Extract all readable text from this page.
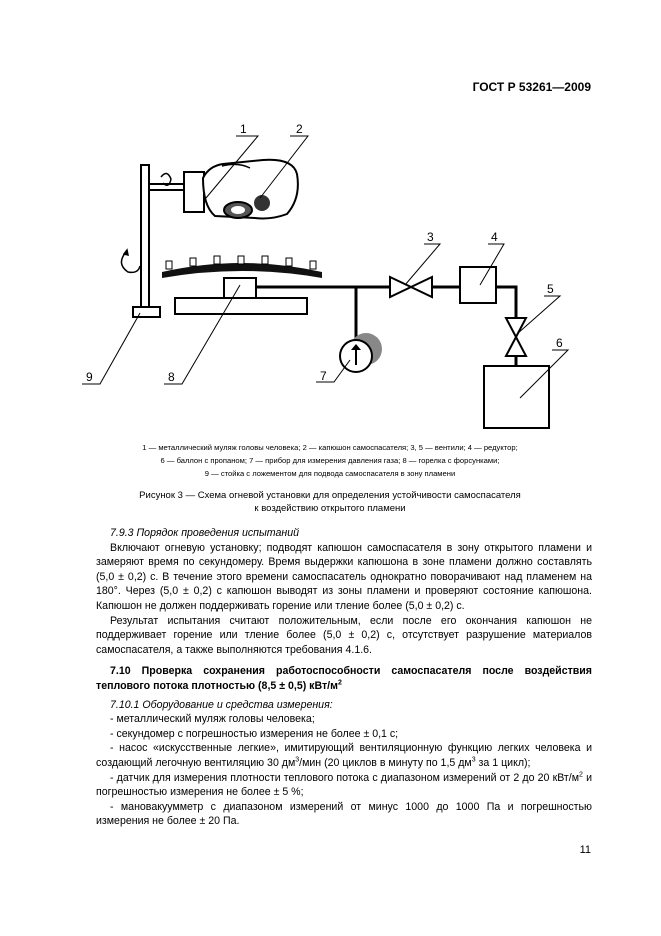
ГОСТ Р 53261—2009
1	2
3	4
5
6
7
8
9
1 — металлический муляж головы человека; 2 — капюшон самоспасателя; 3, 5 — вентили; 4 — редуктор;
6 — баллон с пропаном; 7 — прибор для измерения давления газа; 8 — горелка с форсунками;
9 — стойка с ложементом для подвода самоспасателя в зону пламени
Рисунок 3 — Схема огневой установки для определения устойчивости самоспасателя
к воздействию открытого пламени

7.9.3 Порядок проведения испытаний

Включают огневую установку; подводят капюшон самоспасателя в зону открытого пламени и замеряют время по секундомеру. Время выдержки капюшона в зоне пламени должно составлять (5,0 ± 0,2) с. В течение этого времени самоспасатель однократно поворачивают над пламенем на 180°. Через (5,0 ± 0,2) с капюшон выводят из зоны пламени и проверяют состояние капюшона. Капюшон не должен поддерживать горение или тление более (5,0 ± 0,2) с.

Результат испытания считают положительным, если после его окончания капюшон не поддерживает горение или тление более (5,0 ± 0,2) с, отсутствует разрушение материалов самоспасателя, а также выполняются требования 4.1.6.

7.10 Проверка сохранения работоспособности самоспасателя после воздействия теплового потока плотностью (8,5 ± 0,5) кВт/$м^2$

7.10.1 Оборудование и средства измерения:

- металлический муляж головы человека;

- секундомер с погрешностью измерения не более ± 0,1 с;

- насос «искусственные легкие», имитирующий вентиляционную функцию легких человека и создающий легочную вентиляцию 30 $дм^3$/мин (20 циклов в минуту по 1,5 $дм^3$ за 1 цикл);

- датчик для измерения плотности теплового потока с диапазоном измерений от 2 до 20 кВт/$м^2$ и погрешностью измерения не более ± 5 %;

- мановакуумметр с диапазоном измерений от минус 1000 до 1000 Па и погрешностью измерения не более ± 20 Па.

11
